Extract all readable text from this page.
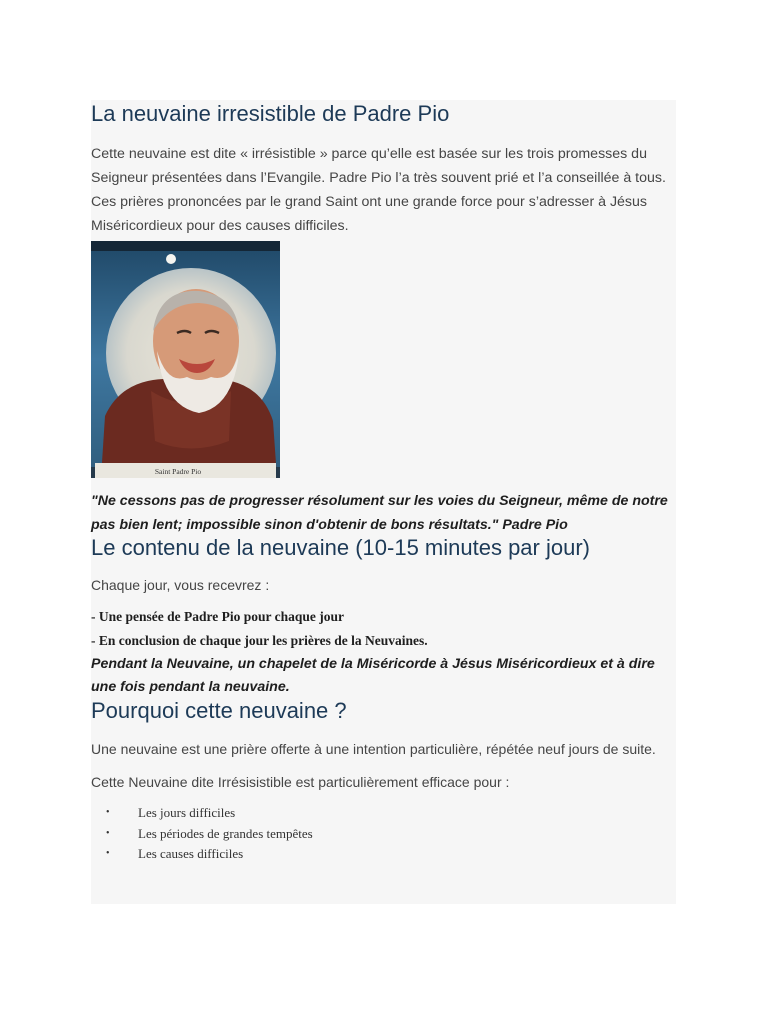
La neuvaine irresistible de Padre Pio

Cette neuvaine est dite « irrésistible » parce qu’elle est basée sur les trois promesses du Seigneur présentées dans l’Evangile. Padre Pio l’a très souvent prié et l’a conseillée à tous. Ces prières prononcées par le grand Saint ont une grande force pour s’adresser à Jésus Miséricordieux pour des causes difficiles.

Saint Padre Pio

"Ne cessons pas de progresser résolument sur les voies du Seigneur, même de notre pas bien lent; impossible sinon d'obtenir de bons résultats." Padre Pio

Le contenu de la neuvaine (10-15 minutes par jour)

Chaque jour, vous recevrez :

- Une pensée de Padre Pio pour chaque jour
- En conclusion de chaque jour les prières de la Neuvaines.

Pendant la Neuvaine, un chapelet de la Miséricorde à Jésus Miséricordieux et à dire une fois pendant la neuvaine.

Pourquoi cette neuvaine ?

Une neuvaine est une prière offerte à une intention particulière, répétée neuf jours de suite.

Cette Neuvaine dite Irrésisistible est particulièrement efficace pour :

• Les jours difficiles
• Les périodes de grandes tempêtes
• Les causes difficiles
